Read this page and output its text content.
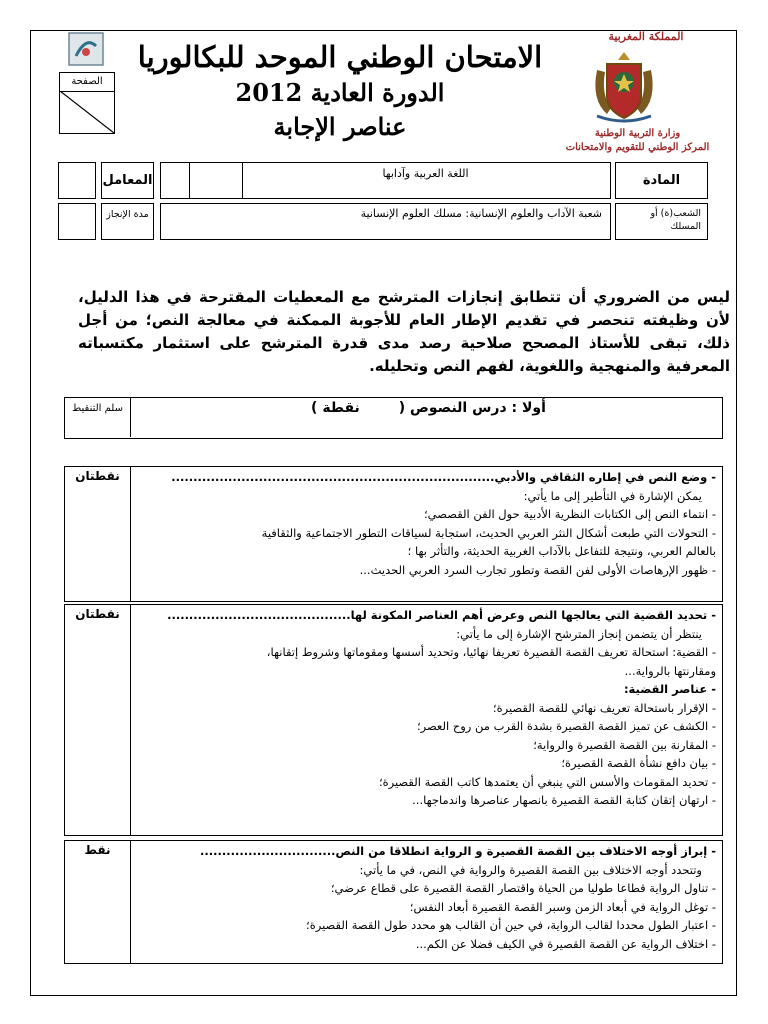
الصفحة
الامتحان الوطني الموحد للبكالوريا
الدورة العادية 2012
عناصر الإجابة
المملكة المغربية
وزارة التربية الوطنية
المركز الوطني للتقويم والامتحانات
المعامل	اللغة العربية وآدابها	المادة
مدة الإنجاز	شعبة الآداب والعلوم الإنسانية: مسلك العلوم الإنسانية	الشعب(ة) أو المسلك
ليس من الضروري أن تتطابق إنجازات المترشح مع المعطيات المقترحة في هذا الدليل، لأن وظيفته تنحصر في تقديم الإطار العام للأجوبة الممكنة في معالجة النص؛ من أجل ذلك، تبقى للأستاذ المصحح صلاحية رصد مدى قدرة المترشح على استثمار مكتسباته المعرفية والمنهجية واللغوية، لفهم النص وتحليله.
سلم التنقيط	أولا : درس النصوص (        نقطة )
نقطتان	- وضع النص في إطاره الثقافي والأدبي..........................................................................
يمكن الإشارة في التأطير إلى ما يأتي:
- انتماء النص إلى الكتابات النظرية الأدبية حول الفن القصصي؛
- التحولات التي طبعت أشكال النثر العربي الحديث، استجابة لسياقات التطور الاجتماعية والثقافية
بالعالم العربي، ونتيجة للتفاعل بالآداب الغربية الحديثة، والتأثر بها ؛
- ظهور الإرهاصات الأولى لفن القصة وتطور تجارب السرد العربي الحديث...
نقطتان	- تحديد القضية التي يعالجها النص وعرض أهم العناصر المكونة لها..........................................
ينتظر أن يتضمن إنجاز المترشح الإشارة إلى ما يأتي:
- القضية: استحالة تعريف القصة القصيرة تعريفا نهائيا، وتحديد أسسها ومقوماتها وشروط إتقانها،
ومقارنتها بالرواية...
- عناصر القضية:
- الإقرار باستحالة تعريف نهائي للقصة القصيرة؛
- الكشف عن تميز القصة القصيرة بشدة القرب من روح العصر؛
- المقارنة بين القصة القصيرة والرواية؛
- بيان دافع نشأة القصة القصيرة؛
- تحديد المقومات والأسس التي ينبغي أن يعتمدها كاتب القصة القصيرة؛
- ارتهان إتقان كتابة القصة القصيرة بانصهار عناصرها واندماجها...
نقط	- إبراز أوجه الاختلاف بين القصة القصيرة و الرواية انطلاقا من النص...............................
وتتحدد أوجه الاختلاف بين القصة القصيرة والرواية في النص، في ما يأتي:
- تناول الرواية قطاعا طوليا من الحياة واقتصار القصة القصيرة على قطاع عرضي؛
- توغل الرواية في أبعاد الزمن وسبر القصة القصيرة أبعاد النفس؛
- اعتبار الطول محددا لقالب الرواية، في حين أن القالب هو محدد طول القصة القصيرة؛
- اختلاف الرواية عن القصة القصيرة في الكيف فضلا عن الكم...
